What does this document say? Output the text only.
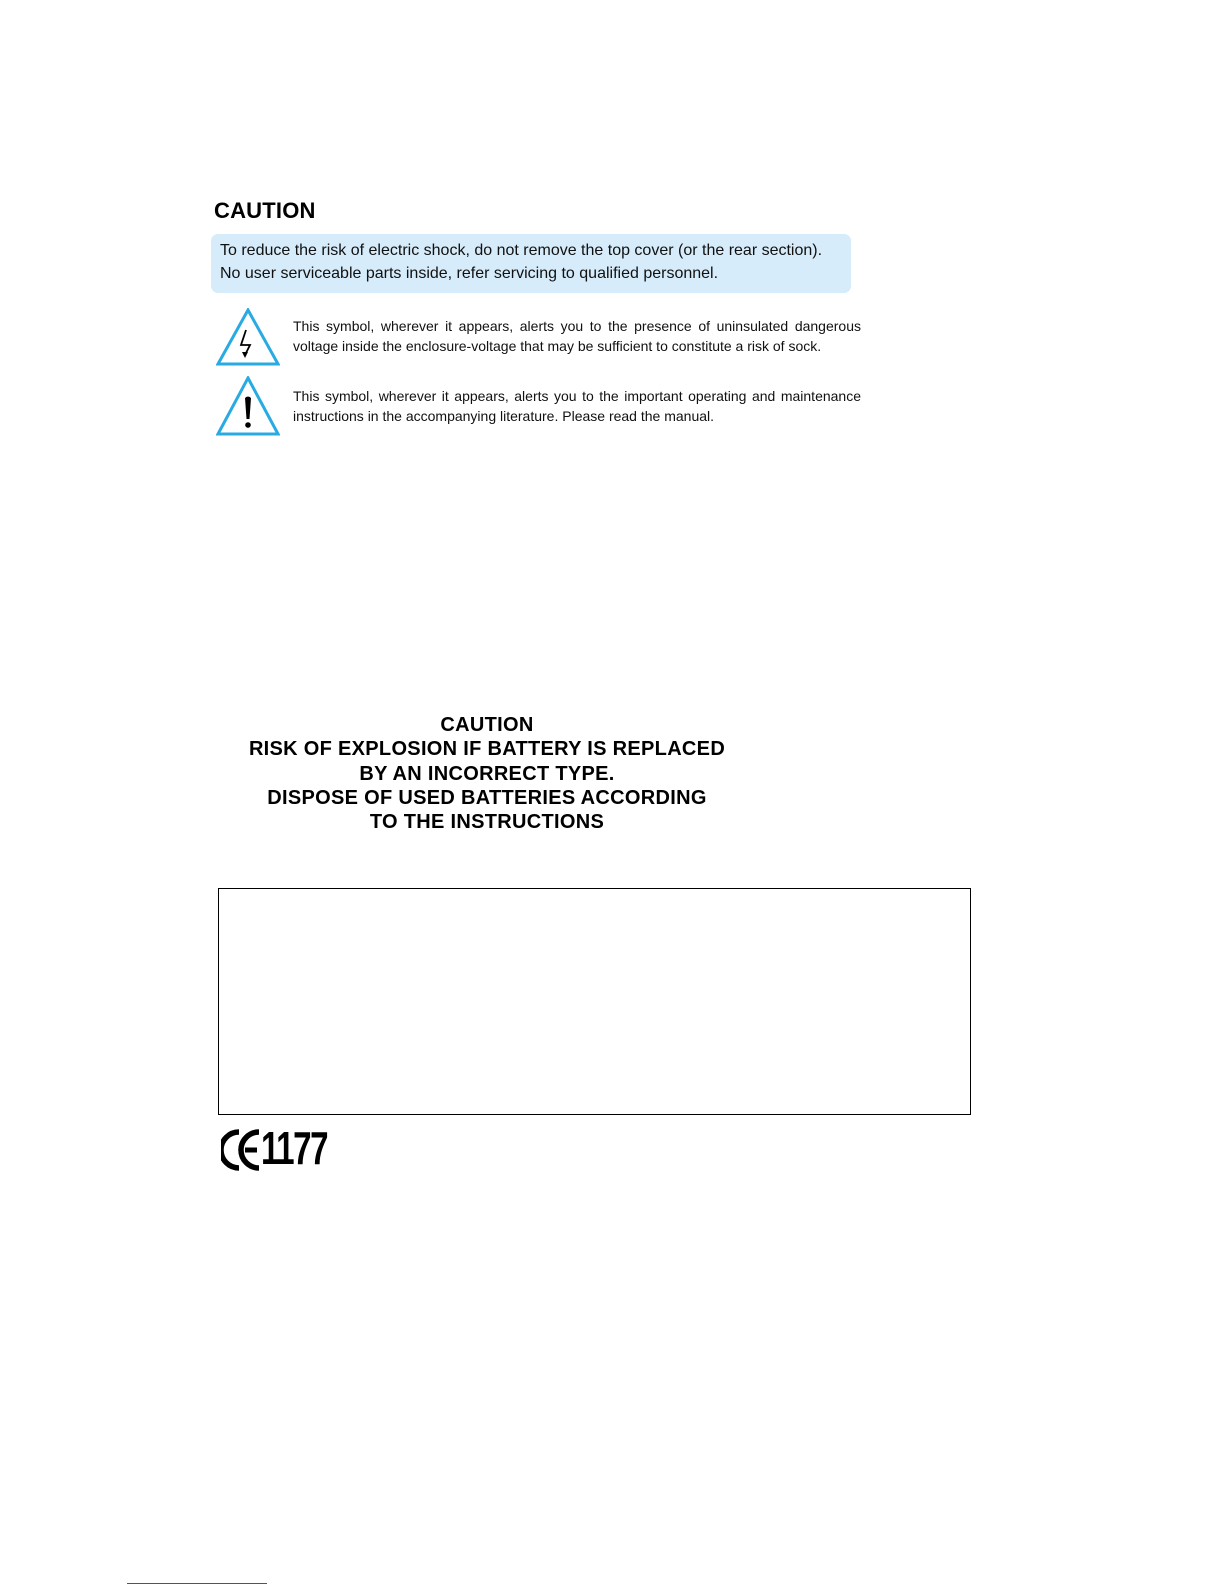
CAUTION
To reduce the risk of electric shock, do not remove the top cover (or the rear section).
No user serviceable parts inside, refer servicing to qualified personnel.
This symbol, wherever it appears, alerts you to the presence of uninsulated dangerous
voltage inside the enclosure-voltage that may be sufficient to constitute a risk of sock.
This symbol, wherever it appears, alerts you to the important operating and maintenance
instructions in the accompanying literature. Please read the manual.
CAUTION
RISK OF EXPLOSION IF BATTERY IS REPLACED
BY AN INCORRECT TYPE.
DISPOSE OF USED BATTERIES ACCORDING
TO THE INSTRUCTIONS
1177
